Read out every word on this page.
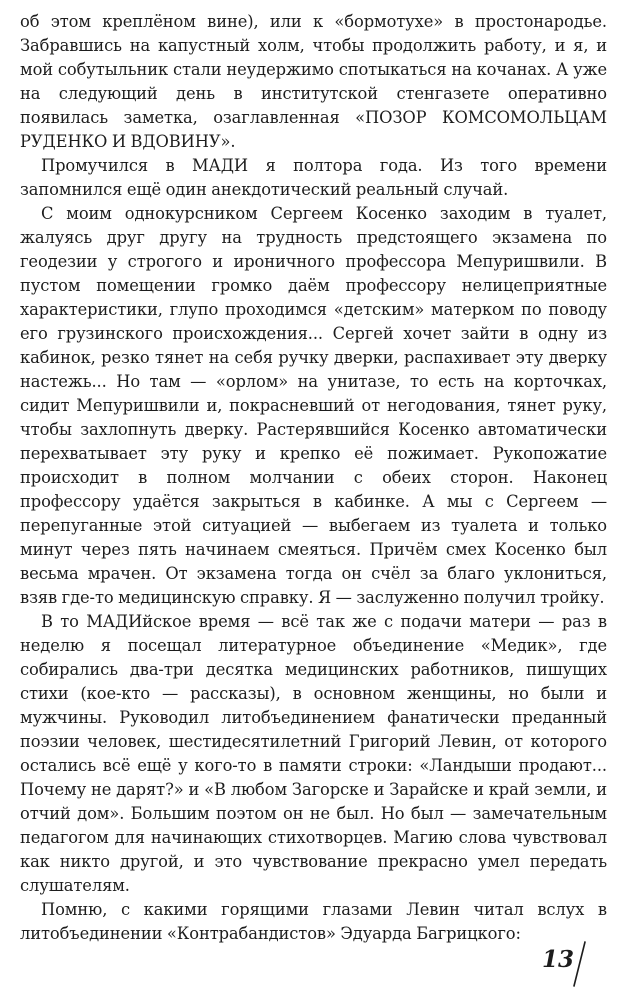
об этом креплёном вине), или к «бормотухе» в простонародье. Забравшись на капустный холм, чтобы продолжить работу, и я, и мой собутыльник стали неудержимо спотыкаться на кочанах. А уже на следующий день в институтской стенгазете оперативно появилась заметка, озаглавленная «ПОЗОР КОМСОМОЛЬЦАМ РУДЕНКО И ВДОВИНУ».

Промучился в МАДИ я полтора года. Из того времени запомнился ещё один анекдотический реальный случай.

С моим однокурсником Сергеем Косенко заходим в туалет, жалуясь друг другу на трудность предстоящего экзамена по геодезии у строгого и ироничного профессора Мепуришвили. В пустом помещении громко даём профессору нелицеприятные характеристики, глупо проходимся «детским» матерком по поводу его грузинского происхождения... Сергей хочет зайти в одну из кабинок, резко тянет на себя ручку дверки, распахивает эту дверку настежь... Но там — «орлом» на унитазе, то есть на корточках, сидит Мепуришвили и, покрасневший от негодования, тянет руку, чтобы захлопнуть дверку. Растерявшийся Косенко автоматически перехватывает эту руку и крепко её пожимает. Рукопожатие происходит в полном молчании с обеих сторон. Наконец профессору удаётся закрыться в кабинке. А мы с Сергеем — перепуганные этой ситуацией — выбегаем из туалета и только минут через пять начинаем смеяться. Причём смех Косенко был весьма мрачен. От экзамена тогда он счёл за благо уклониться, взяв где-то медицинскую справку. Я — заслуженно получил тройку.

В то МАДИйское время — всё так же с подачи матери — раз в неделю я посещал литературное объединение «Медик», где собирались два-три десятка медицинских работников, пишущих стихи (кое-кто — рассказы), в основном женщины, но были и мужчины. Руководил литобъединением фанатически преданный поэзии человек, шестидесятилетний Григорий Левин, от которого остались всё ещё у кого-то в памяти строки: «Ландыши продают... Почему не дарят?» и «В любом Загорске и Зарайске и край земли, и отчий дом». Большим поэтом он не был. Но был — замечательным педагогом для начинающих стихотворцев. Магию слова чувствовал как никто другой, и это чувствование прекрасно умел передать слушателям.

Помню, с какими горящими глазами Левин читал вслух в литобъединении «Контрабандистов» Эдуарда Багрицкого:

13
